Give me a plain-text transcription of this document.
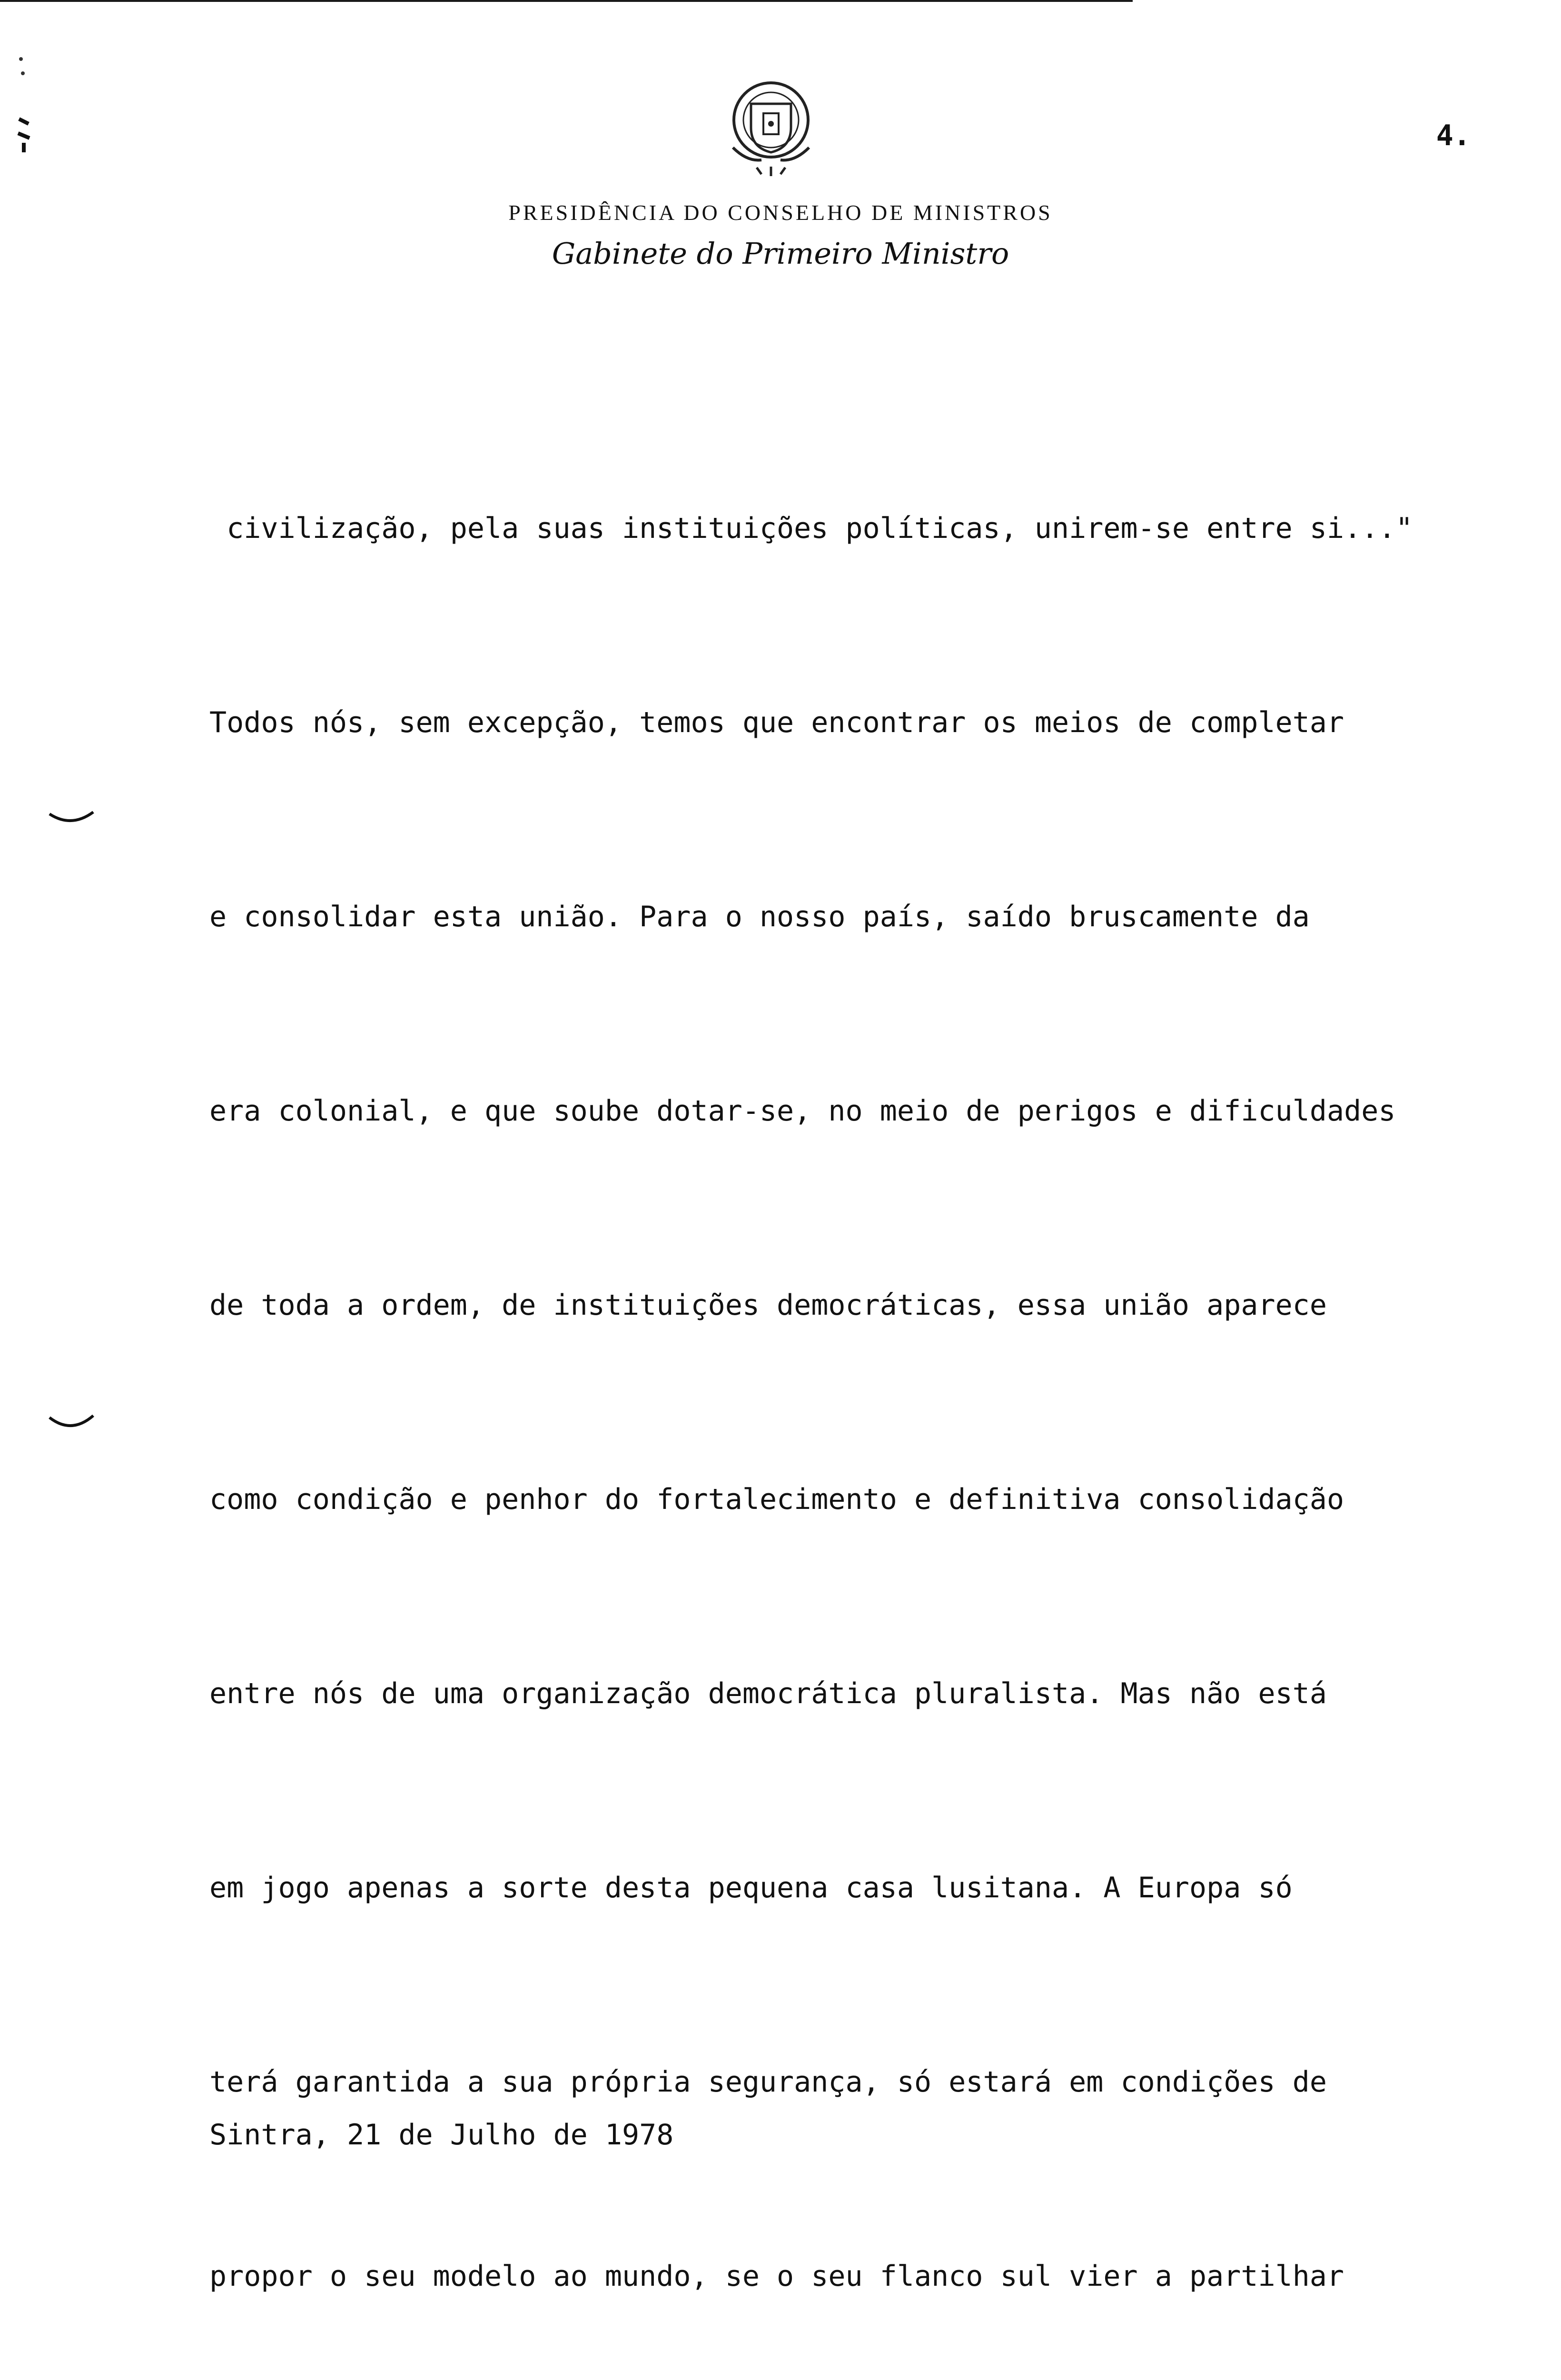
4.
PRESIDÊNCIA DO CONSELHO DE MINISTROS
Gabinete do Primeiro Ministro

civilização, pela suas instituições políticas, unirem-se entre si..."

Todos nós, sem excepção, temos que encontrar os meios de completar

e consolidar esta união. Para o nosso país, saído bruscamente da

era colonial, e que soube dotar-se, no meio de perigos e dificuldades

de toda a ordem, de instituições democráticas, essa união aparece

como condição e penhor do fortalecimento e definitiva consolidação

entre nós de uma organização democrática pluralista. Mas não está

em jogo apenas a sorte desta pequena casa lusitana. A Europa só

terá garantida a sua própria segurança, só estará em condições de

propor o seu modelo ao mundo, se o seu flanco sul vier a partilhar

Sintra, 21 de Julho de 1978
